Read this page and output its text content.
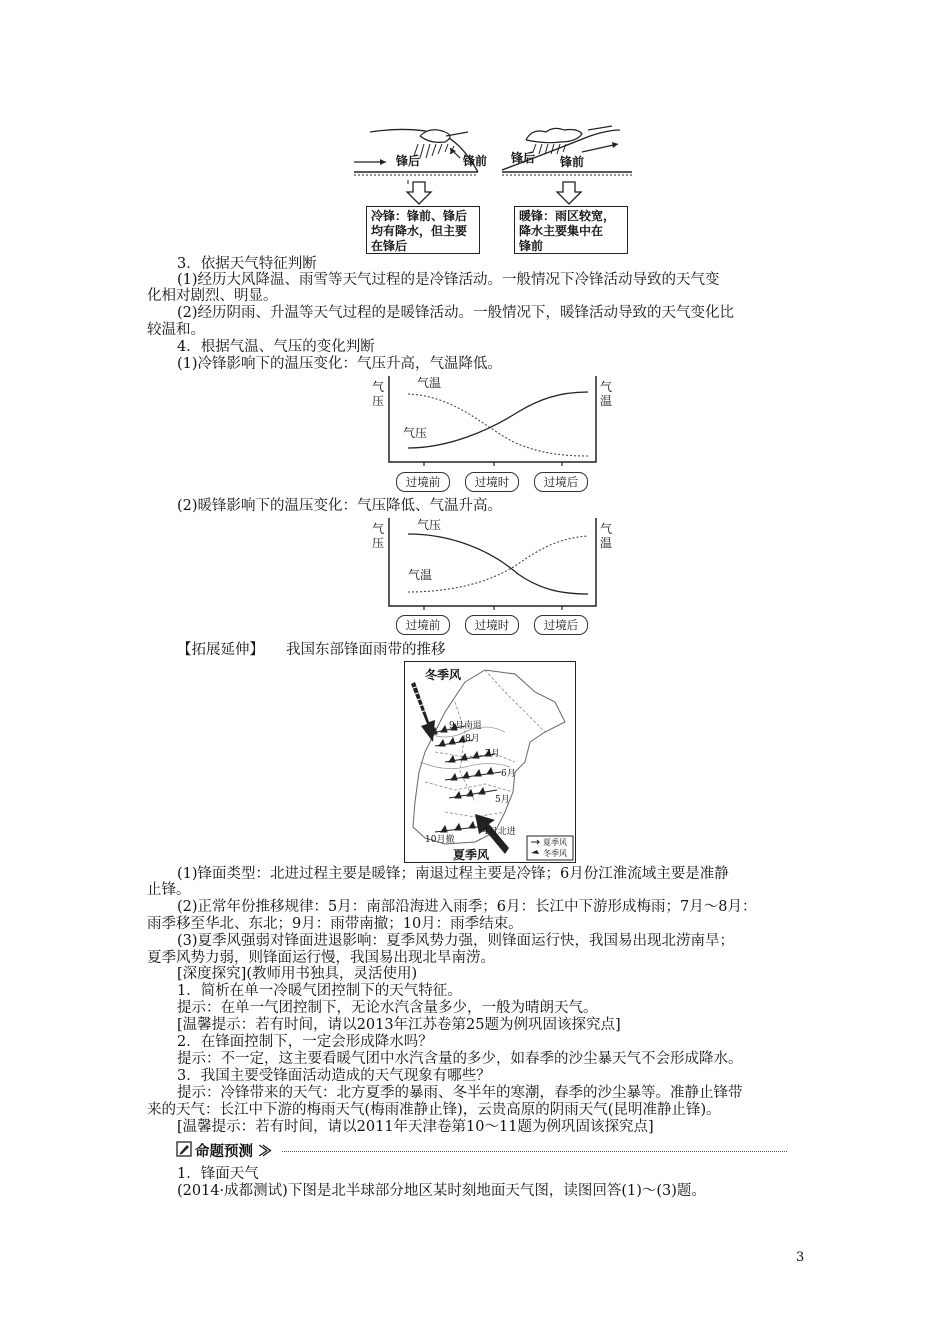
锋后	锋前 锋后 锋前
冷锋：锋前、锋后
均有降水，但主要
在锋后
暖锋：雨区较宽，
降水主要集中在
锋前
3．依据天气特征判断
(1)经历大风降温、雨雪等天气过程的是冷锋活动。一般情况下冷锋活动导致的天气变
化相对剧烈、明显。
(2)经历阴雨、升温等天气过程的是暖锋活动。一般情况下，暖锋活动导致的天气变化比
较温和。
4．根据气温、气压的变化判断
(1)冷锋影响下的温压变化：气压升高，气温降低。
气压
气温
气温
气压
过境前	过境时	过境后
(2)暖锋影响下的温压变化：气压降低、气温升高。
气压
气温
气压
气温
过境前	过境时	过境后
【拓展延伸】 我国东部锋面雨带的推移
冬季风
9月南退
8月
7月
6月
5月
10月撤
4月北进
夏季风
夏季风
冬季风
(1)锋面类型：北进过程主要是暖锋；南退过程主要是冷锋；6月份江淮流域主要是准静
止锋。
(2)正常年份推移规律：5月：南部沿海进入雨季；6月：长江中下游形成梅雨；7月～8月：
雨季移至华北、东北；9月：雨带南撤；10月：雨季结束。
(3)夏季风强弱对锋面进退影响：夏季风势力强，则锋面运行快，我国易出现北涝南旱；
夏季风势力弱，则锋面运行慢，我国易出现北旱南涝。
[深度探究](教师用书独具，灵活使用)
1．简析在单一冷暖气团控制下的天气特征。
提示：在单一气团控制下，无论水汽含量多少，一般为晴朗天气。
[温馨提示：若有时间，请以2013年江苏卷第25题为例巩固该探究点]
2．在锋面控制下，一定会形成降水吗？
提示：不一定，这主要看暖气团中水汽含量的多少，如春季的沙尘暴天气不会形成降水。
3．我国主要受锋面活动造成的天气现象有哪些？
提示：冷锋带来的天气：北方夏季的暴雨、冬半年的寒潮，春季的沙尘暴等。准静止锋带
来的天气：长江中下游的梅雨天气(梅雨准静止锋)，云贵高原的阴雨天气(昆明准静止锋)。
[温馨提示：若有时间，请以2011年天津卷第10～11题为例巩固该探究点]
命题预测 ≫
1．锋面天气
(2014·成都测试)下图是北半球部分地区某时刻地面天气图，读图回答(1)～(3)题。
3
